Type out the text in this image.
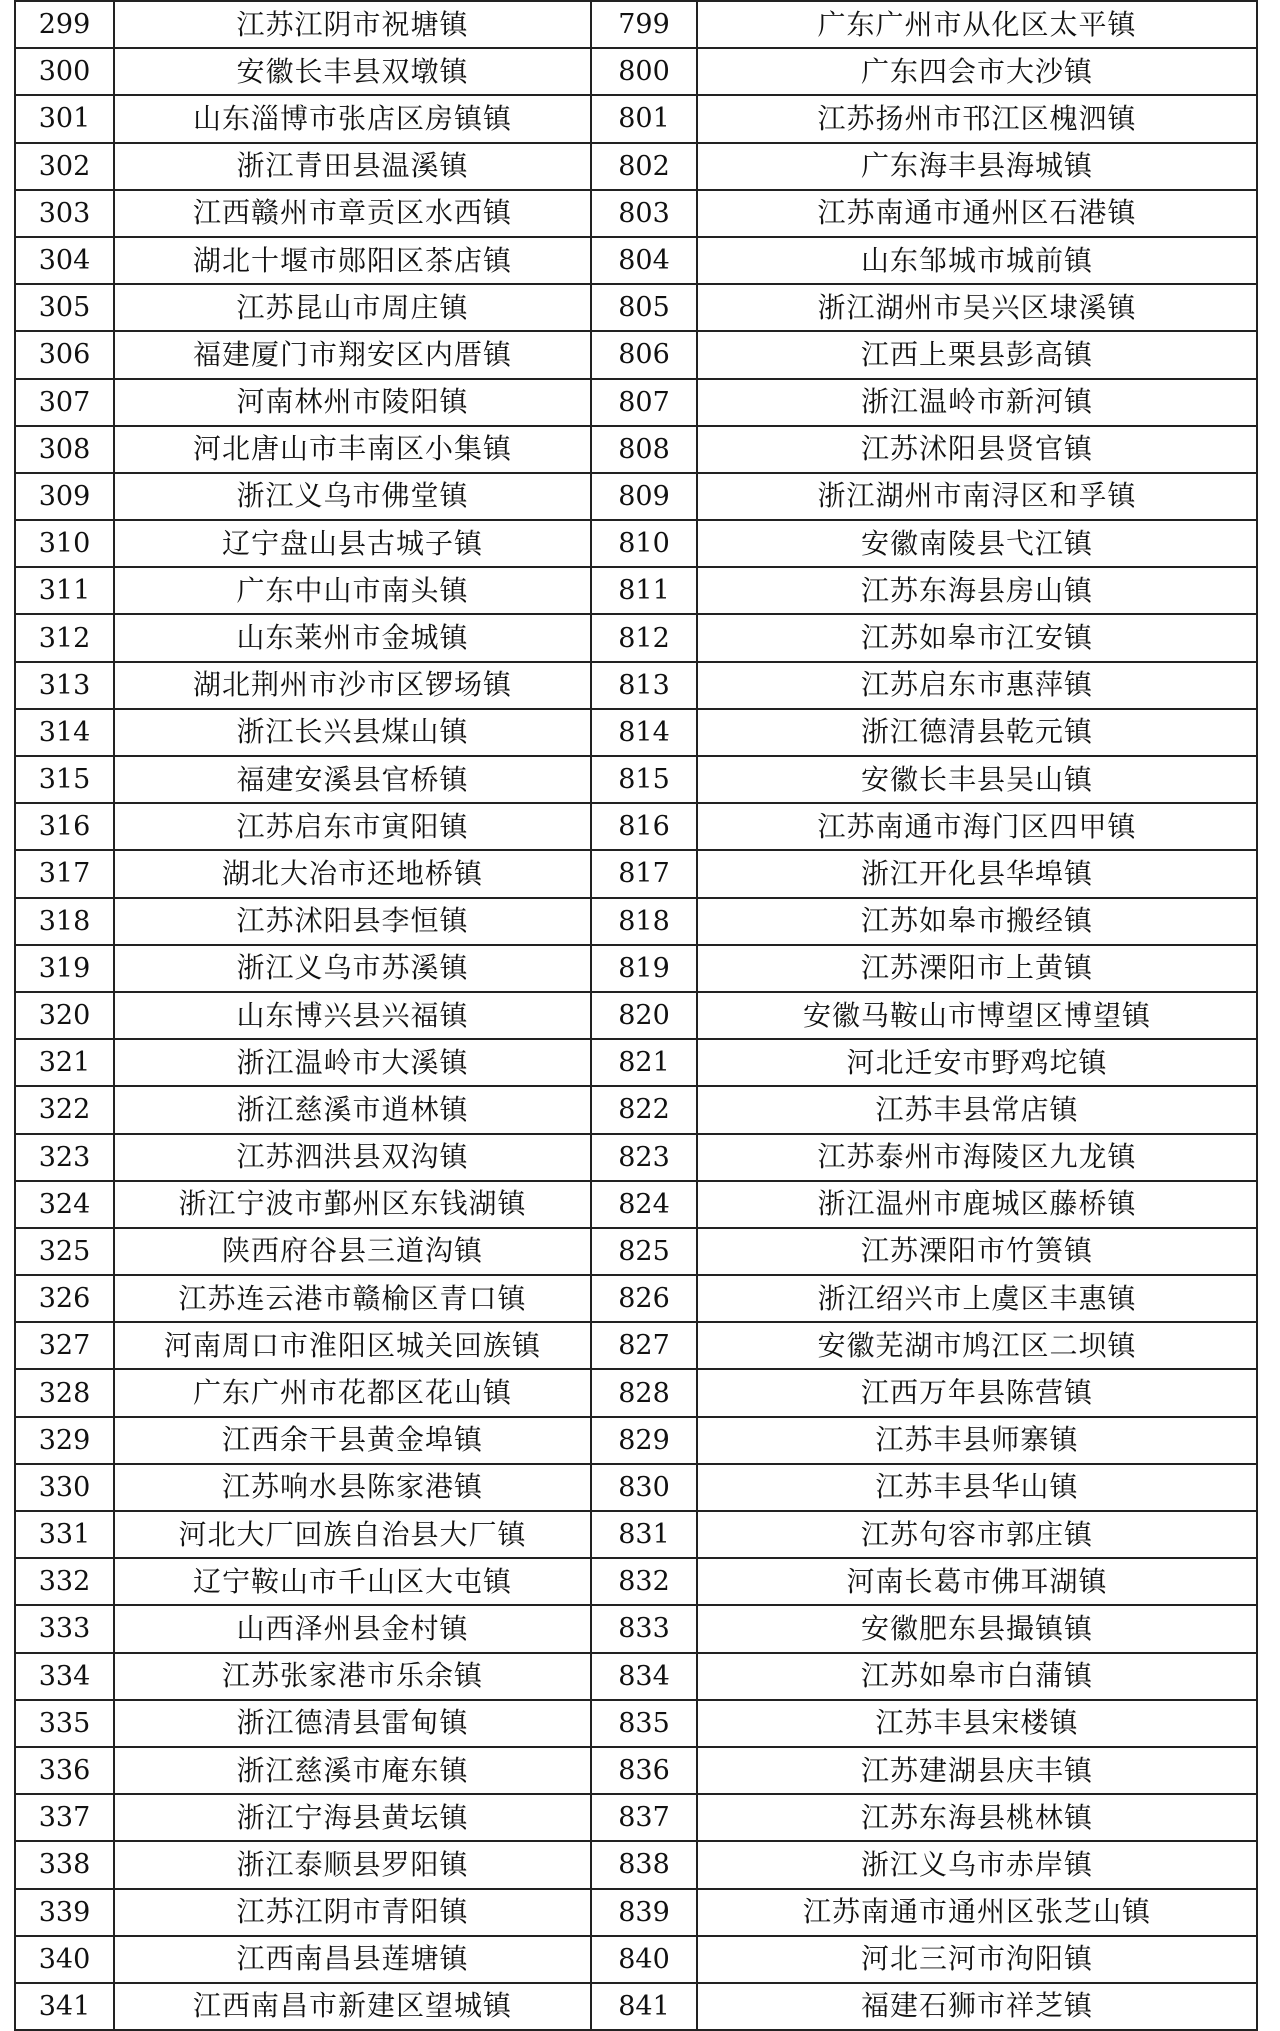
299	江苏江阴市祝塘镇	799	广东广州市从化区太平镇
300	安徽长丰县双墩镇	800	广东四会市大沙镇
301	山东淄博市张店区房镇镇	801	江苏扬州市邗江区槐泗镇
302	浙江青田县温溪镇	802	广东海丰县海城镇
303	江西赣州市章贡区水西镇	803	江苏南通市通州区石港镇
304	湖北十堰市郧阳区茶店镇	804	山东邹城市城前镇
305	江苏昆山市周庄镇	805	浙江湖州市吴兴区埭溪镇
306	福建厦门市翔安区内厝镇	806	江西上栗县彭高镇
307	河南林州市陵阳镇	807	浙江温岭市新河镇
308	河北唐山市丰南区小集镇	808	江苏沭阳县贤官镇
309	浙江义乌市佛堂镇	809	浙江湖州市南浔区和孚镇
310	辽宁盘山县古城子镇	810	安徽南陵县弋江镇
311	广东中山市南头镇	811	江苏东海县房山镇
312	山东莱州市金城镇	812	江苏如皋市江安镇
313	湖北荆州市沙市区锣场镇	813	江苏启东市惠萍镇
314	浙江长兴县煤山镇	814	浙江德清县乾元镇
315	福建安溪县官桥镇	815	安徽长丰县吴山镇
316	江苏启东市寅阳镇	816	江苏南通市海门区四甲镇
317	湖北大冶市还地桥镇	817	浙江开化县华埠镇
318	江苏沭阳县李恒镇	818	江苏如皋市搬经镇
319	浙江义乌市苏溪镇	819	江苏溧阳市上黄镇
320	山东博兴县兴福镇	820	安徽马鞍山市博望区博望镇
321	浙江温岭市大溪镇	821	河北迁安市野鸡坨镇
322	浙江慈溪市逍林镇	822	江苏丰县常店镇
323	江苏泗洪县双沟镇	823	江苏泰州市海陵区九龙镇
324	浙江宁波市鄞州区东钱湖镇	824	浙江温州市鹿城区藤桥镇
325	陕西府谷县三道沟镇	825	江苏溧阳市竹箦镇
326	江苏连云港市赣榆区青口镇	826	浙江绍兴市上虞区丰惠镇
327	河南周口市淮阳区城关回族镇	827	安徽芜湖市鸠江区二坝镇
328	广东广州市花都区花山镇	828	江西万年县陈营镇
329	江西余干县黄金埠镇	829	江苏丰县师寨镇
330	江苏响水县陈家港镇	830	江苏丰县华山镇
331	河北大厂回族自治县大厂镇	831	江苏句容市郭庄镇
332	辽宁鞍山市千山区大屯镇	832	河南长葛市佛耳湖镇
333	山西泽州县金村镇	833	安徽肥东县撮镇镇
334	江苏张家港市乐余镇	834	江苏如皋市白蒲镇
335	浙江德清县雷甸镇	835	江苏丰县宋楼镇
336	浙江慈溪市庵东镇	836	江苏建湖县庆丰镇
337	浙江宁海县黄坛镇	837	江苏东海县桃林镇
338	浙江泰顺县罗阳镇	838	浙江义乌市赤岸镇
339	江苏江阴市青阳镇	839	江苏南通市通州区张芝山镇
340	江西南昌县莲塘镇	840	河北三河市泃阳镇
341	江西南昌市新建区望城镇	841	福建石狮市祥芝镇
